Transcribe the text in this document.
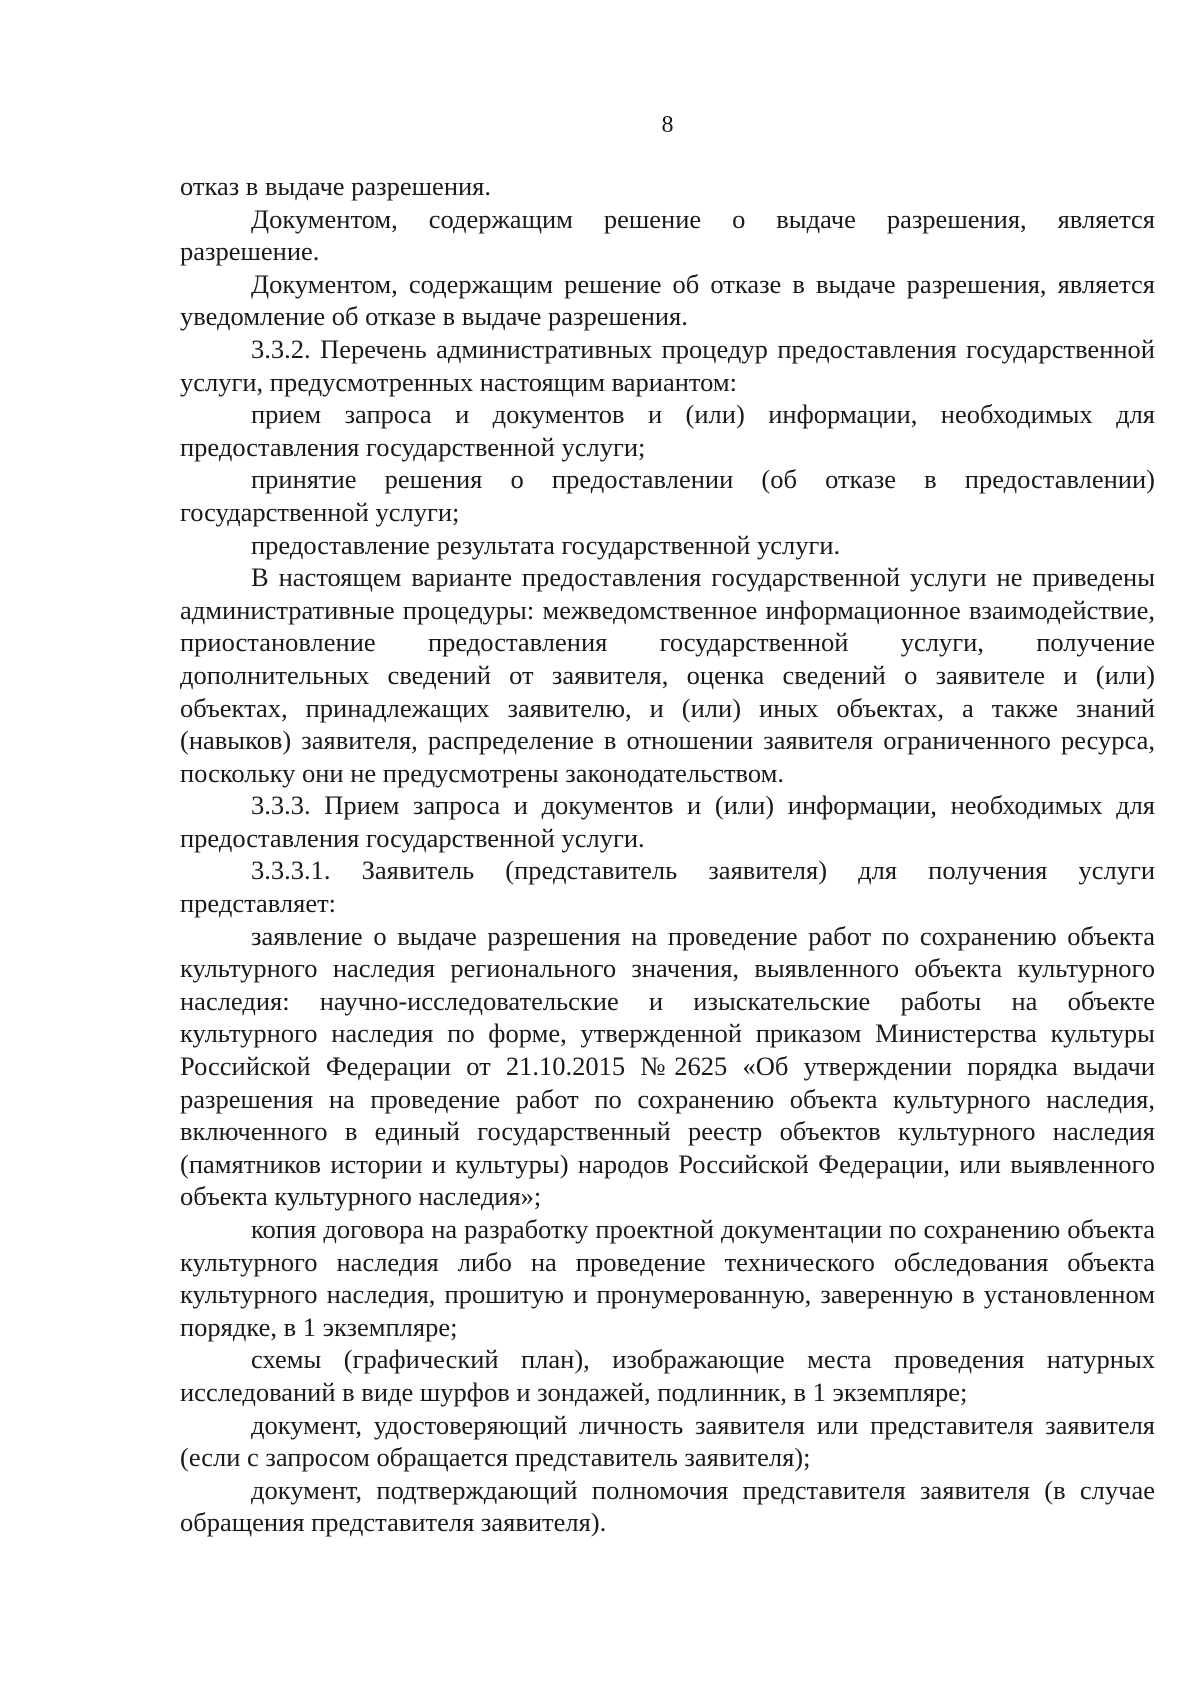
8

отказ в выдаче разрешения.

Документом, содержащим решение о выдаче разрешения, является разрешение.

Документом, содержащим решение об отказе в выдаче разрешения, является уведомление об отказе в выдаче разрешения.

3.3.2. Перечень административных процедур предоставления государственной услуги, предусмотренных настоящим вариантом:

прием запроса и документов и (или) информации, необходимых для предоставления государственной услуги;

принятие решения о предоставлении (об отказе в предоставлении) государственной услуги;

предоставление результата государственной услуги.

В настоящем варианте предоставления государственной услуги не приведены административные процедуры: межведомственное информационное взаимодействие, приостановление предоставления государственной услуги, получение дополнительных сведений от заявителя, оценка сведений о заявителе и (или) объектах, принадлежащих заявителю, и (или) иных объектах, а также знаний (навыков) заявителя, распределение в отношении заявителя ограниченного ресурса, поскольку они не предусмотрены законодательством.

3.3.3. Прием запроса и документов и (или) информации, необходимых для предоставления государственной услуги.

3.3.3.1. Заявитель (представитель заявителя) для получения услуги представляет:

заявление о выдаче разрешения на проведение работ по сохранению объекта культурного наследия регионального значения, выявленного объекта культурного наследия: научно-исследовательские и изыскательские работы на объекте культурного наследия по форме, утвержденной приказом Министерства культуры Российской Федерации от 21.10.2015 №2625 «Об утверждении порядка выдачи разрешения на проведение работ по сохранению объекта культурного наследия, включенного в единый государственный реестр объектов культурного наследия (памятников истории и культуры) народов Российской Федерации, или выявленного объекта культурного наследия»;

копия договора на разработку проектной документации по сохранению объекта культурного наследия либо на проведение технического обследования объекта культурного наследия, прошитую и пронумерованную, заверенную в установленном порядке, в 1 экземпляре;

схемы (графический план), изображающие места проведения натурных исследований в виде шурфов и зондажей, подлинник, в 1 экземпляре;

документ, удостоверяющий личность заявителя или представителя заявителя (если с запросом обращается представитель заявителя);

документ, подтверждающий полномочия представителя заявителя (в случае обращения представителя заявителя).
